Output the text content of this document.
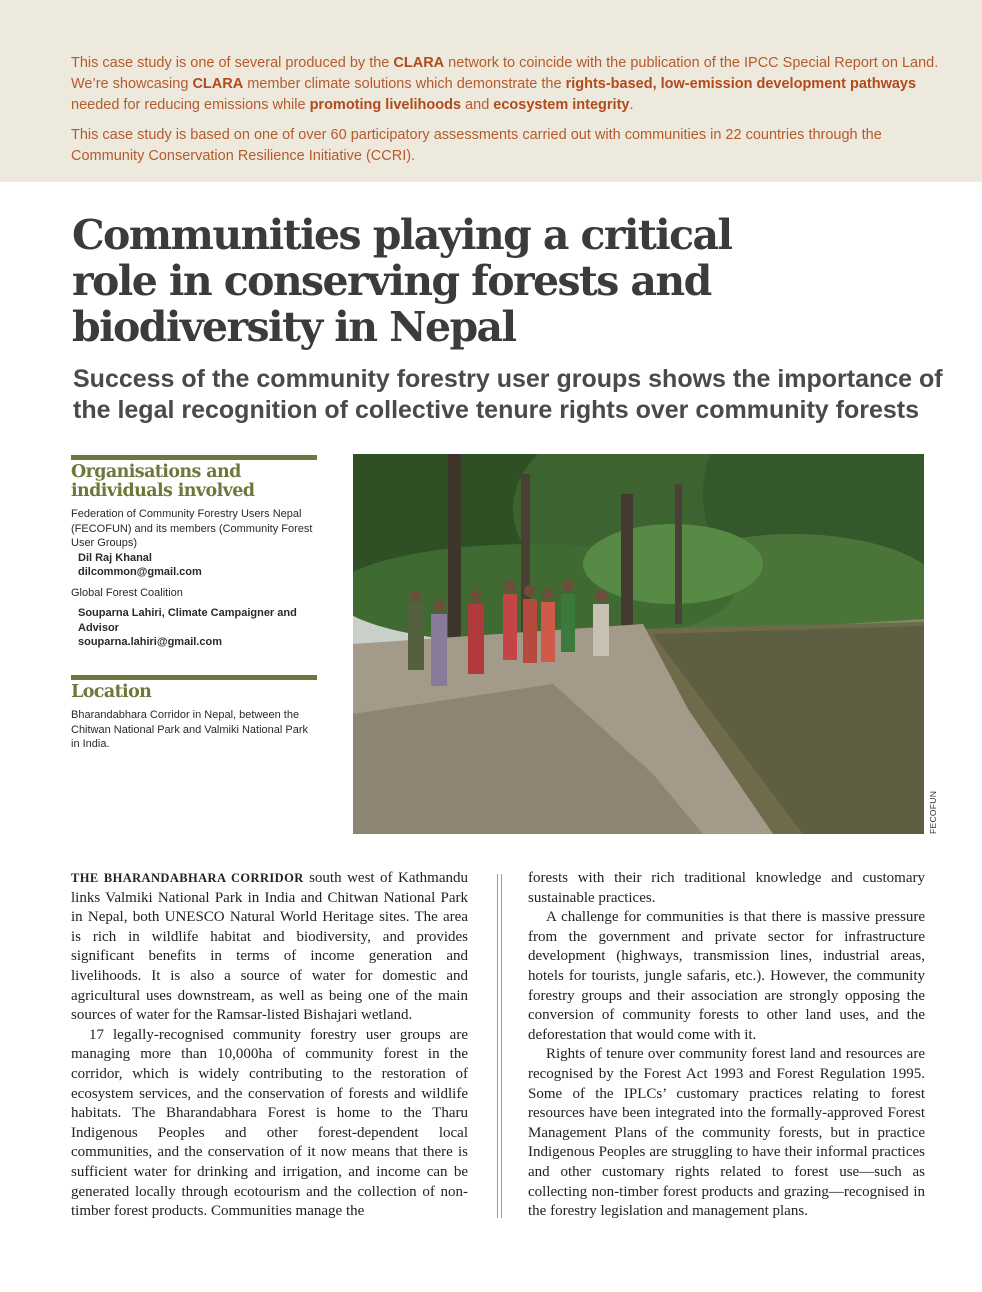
This case study is one of several produced by the CLARA network to coincide with the publication of the IPCC Special Report on Land. We’re showcasing CLARA member climate solutions which demonstrate the rights-based, low-emission development pathways needed for reducing emissions while promoting livelihoods and ecosystem integrity.

This case study is based on one of over 60 participatory assessments carried out with communities in 22 countries through the Community Conservation Resilience Initiative (CCRI).

Communities playing a critical
role in conserving forests and
biodiversity in Nepal
Success of the community forestry user groups shows the importance of
the legal recognition of collective tenure rights over community forests
Organisations and
individuals involved

Federation of Community Forestry Users Nepal (FECOFUN) and its members (Community Forest User Groups)

Dil Raj Khanal

dilcommon@gmail.com

Global Forest Coalition

Souparna Lahiri, Climate Campaigner and Advisor

souparna.lahiri@gmail.com

Location

Bharandabhara Corridor in Nepal, between the Chitwan National Park and Valmiki National Park in India.

FECOFUN

THE BHARANDABHARA CORRIDOR south west of Kathmandu links Valmiki National Park in India and Chitwan National Park in Nepal, both UNESCO Natural World Heritage sites. The area is rich in wildlife habitat and biodiversity, and provides significant benefits in terms of income generation and livelihoods. It is also a source of water for domestic and agricultural uses downstream, as well as being one of the main sources of water for the Ramsar-listed Bishajari wetland.

17 legally-recognised community forestry user groups are managing more than 10,000ha of community forest in the corridor, which is widely contributing to the restoration of ecosystem services, and the conservation of forests and wildlife habitats. The Bharandabhara Forest is home to the Tharu Indigenous Peoples and other forest-dependent local communities, and the conservation of it now means that there is sufficient water for drinking and irrigation, and income can be generated locally through ecotourism and the collection of non-timber forest products. Communities manage the

forests with their rich traditional knowledge and customary sustainable practices.

A challenge for communities is that there is massive pressure from the government and private sector for infrastructure development (highways, transmission lines, industrial areas, hotels for tourists, jungle safaris, etc.). However, the community forestry groups and their association are strongly opposing the conversion of community forests to other land uses, and the deforestation that would come with it.

Rights of tenure over community forest land and resources are recognised by the Forest Act 1993 and Forest Regulation 1995. Some of the IPLCs’ customary practices relating to forest resources have been integrated into the formally-approved Forest Management Plans of the community forests, but in practice Indigenous Peoples are struggling to have their informal practices and other customary rights related to forest use—such as collecting non-timber forest products and grazing—recognised in the forestry legislation and management plans.
